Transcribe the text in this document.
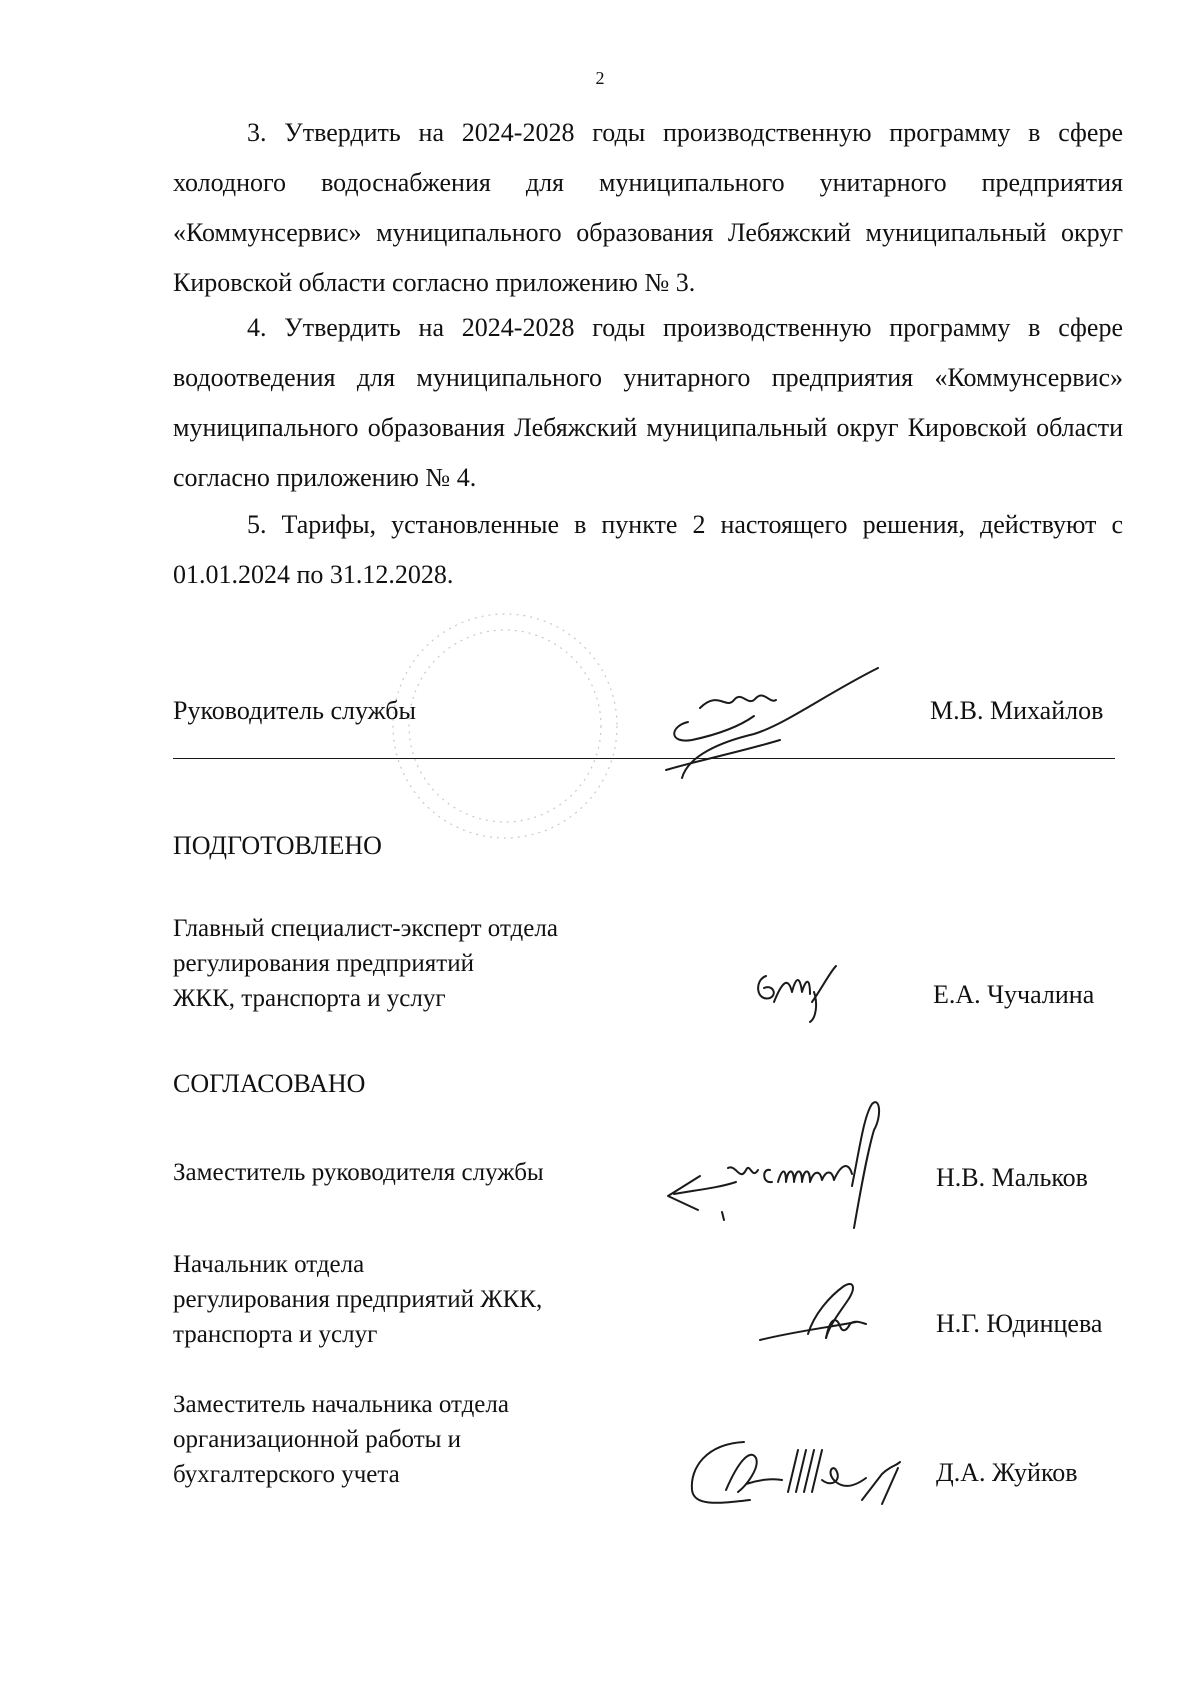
2
3. Утвердить на 2024-2028 годы производственную программу в сфере холодного водоснабжения для муниципального унитарного предприятия «Коммунсервис» муниципального образования Лебяжский муниципальный округ Кировской области согласно приложению № 3.
4. Утвердить на 2024-2028 годы производственную программу в сфере водоотведения для муниципального унитарного предприятия «Коммунсервис» муниципального образования Лебяжский муниципальный округ Кировской области согласно приложению № 4.
5. Тарифы, установленные в пункте 2 настоящего решения, действуют с 01.01.2024 по 31.12.2028.
Руководитель службы	М.В. Михайлов
ПОДГОТОВЛЕНО
Главный специалист-эксперт отдела
регулирования предприятий
ЖКК, транспорта и услуг	Е.А. Чучалина
СОГЛАСОВАНО
Заместитель руководителя службы	Н.В. Мальков
Начальник отдела
регулирования предприятий ЖКК,
транспорта и услуг	Н.Г. Юдинцева
Заместитель начальника отдела
организационной работы и
бухгалтерского учета	Д.А. Жуйков
